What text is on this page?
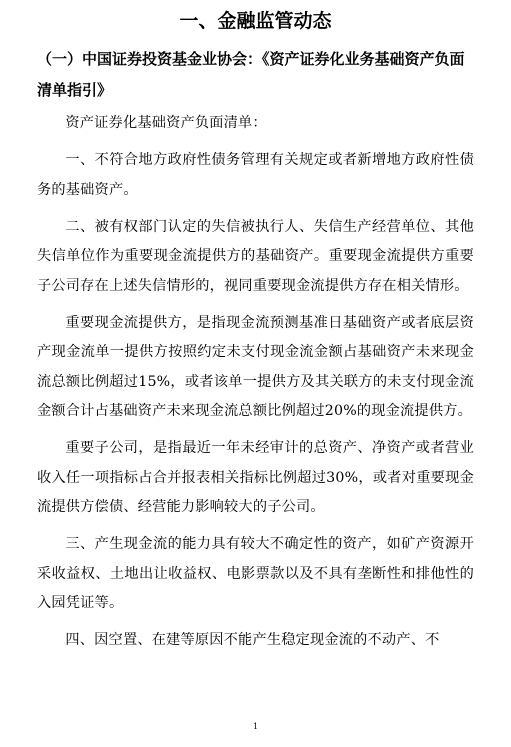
一、金融监管动态
（一）中国证券投资基金业协会：《资产证券化业务基础资产负面清单指引》

资产证券化基础资产负面清单：

一、不符合地方政府性债务管理有关规定或者新增地方政府性债务的基础资产。

二、被有权部门认定的失信被执行人、失信生产经营单位、其他失信单位作为重要现金流提供方的基础资产。重要现金流提供方重要子公司存在上述失信情形的，视同重要现金流提供方存在相关情形。

重要现金流提供方，是指现金流预测基准日基础资产或者底层资产现金流单一提供方按照约定未支付现金流金额占基础资产未来现金流总额比例超过15%，或者该单一提供方及其关联方的未支付现金流金额合计占基础资产未来现金流总额比例超过20%的现金流提供方。

重要子公司，是指最近一年未经审计的总资产、净资产或者营业收入任一项指标占合并报表相关指标比例超过30%，或者对重要现金流提供方偿债、经营能力影响较大的子公司。

三、产生现金流的能力具有较大不确定性的资产，如矿产资源开采收益权、土地出让收益权、电影票款以及不具有垄断性和排他性的入园凭证等。

四、因空置、在建等原因不能产生稳定现金流的不动产、不

1
